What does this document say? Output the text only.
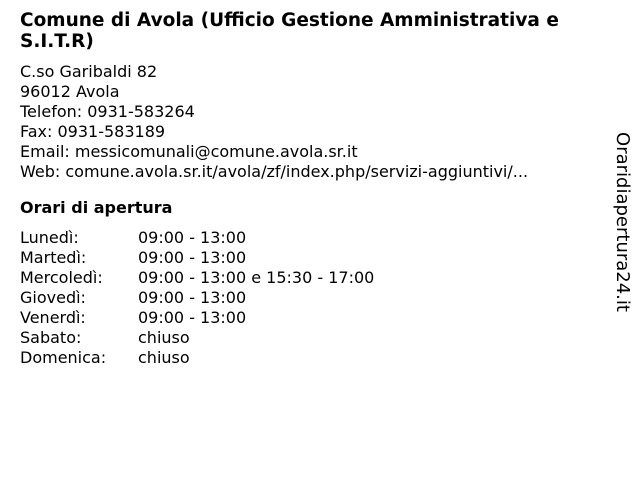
Comune di Avola (Ufficio Gestione Amministrativa e S.I.T.R)
C.so Garibaldi 82
96012 Avola
Telefon: 0931-583264
Fax: 0931-583189
Email: messicomunali@comune.avola.sr.it
Web: comune.avola.sr.it/avola/zf/index.php/servizi-aggiuntivi/...
Orari di apertura
Lunedì:	09:00 - 13:00
Martedì:	09:00 - 13:00
Mercoledì:	09:00 - 13:00 e 15:30 - 17:00
Giovedì:	09:00 - 13:00
Venerdì:	09:00 - 13:00
Sabato:	chiuso
Domenica:	chiuso
Oraridiapertura24.it
